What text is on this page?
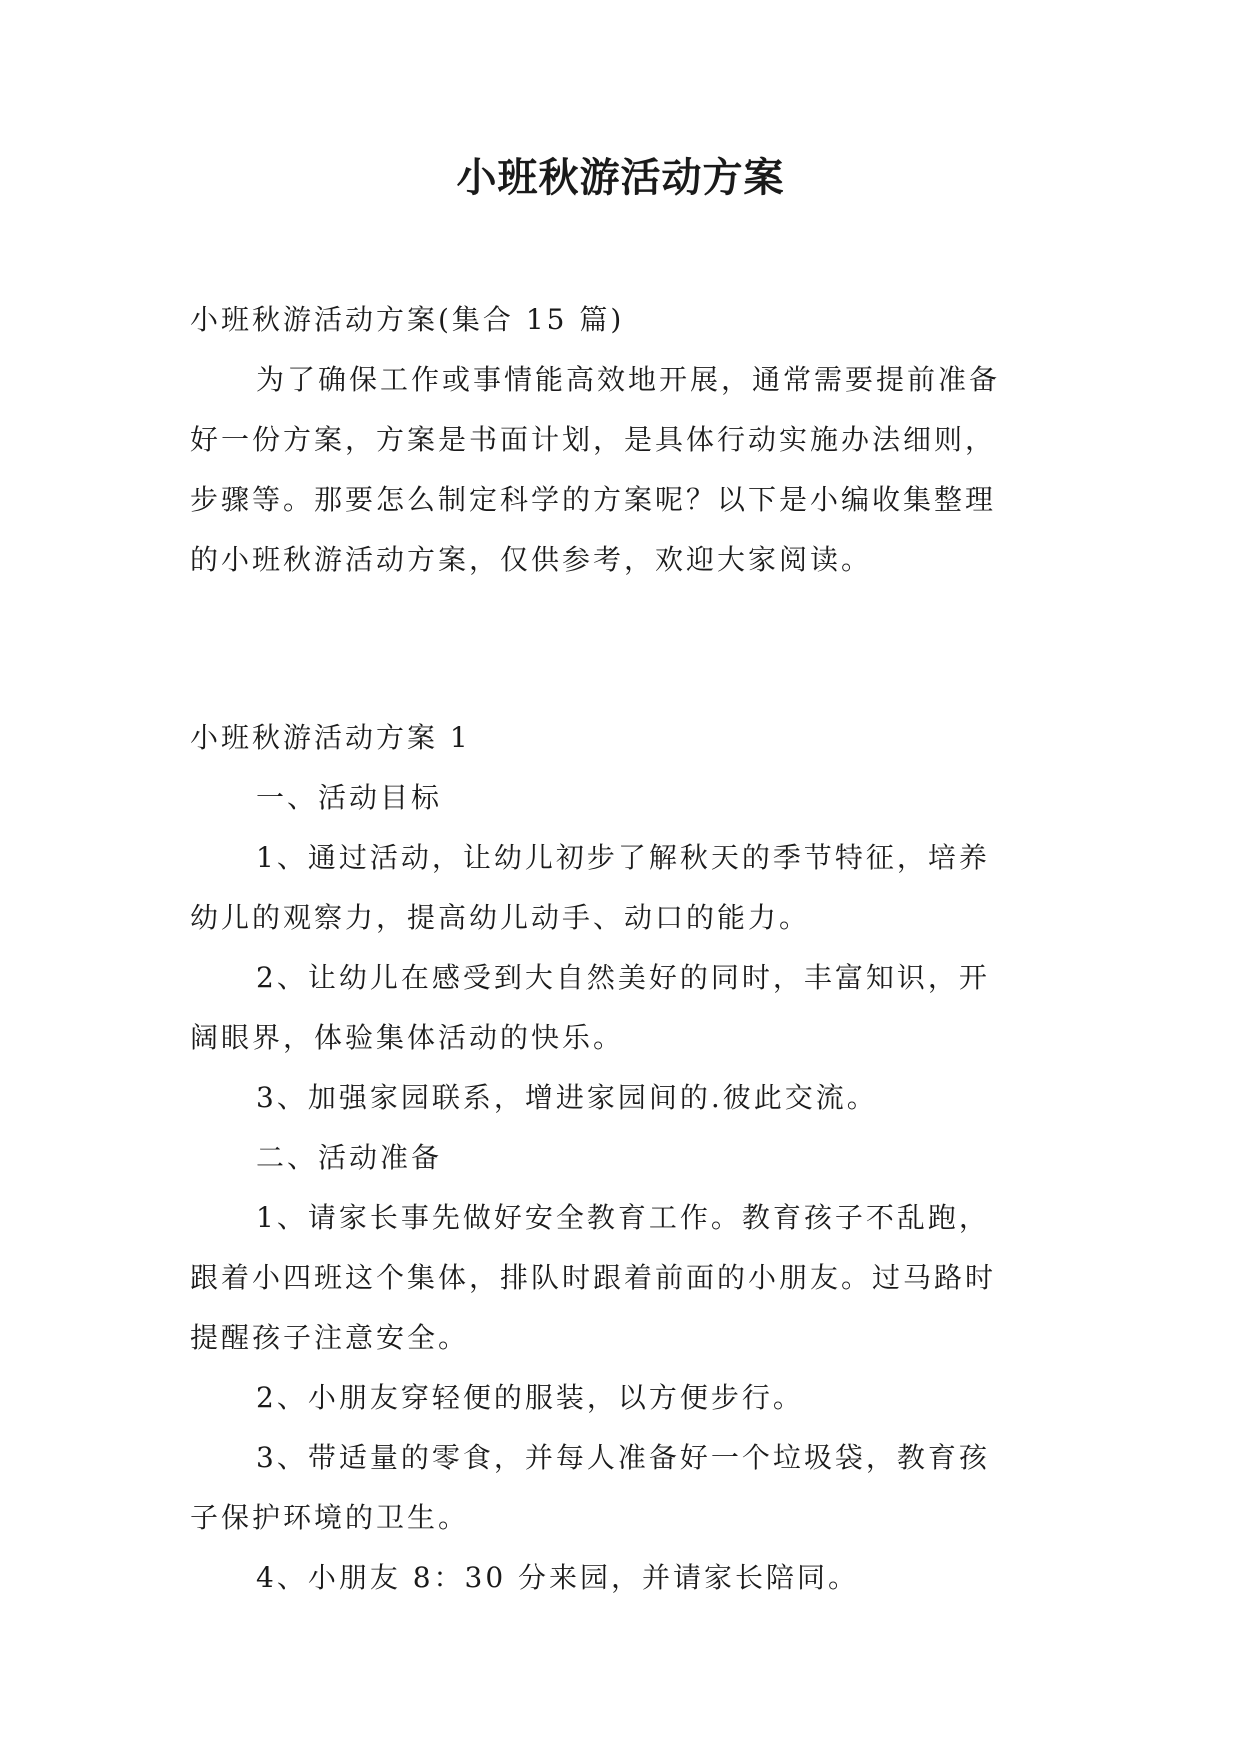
小班秋游活动方案
小班秋游活动方案(集合 15 篇)
为了确保工作或事情能高效地开展，通常需要提前准备
好一份方案，方案是书面计划，是具体行动实施办法细则，
步骤等。那要怎么制定科学的方案呢？以下是小编收集整理
的小班秋游活动方案，仅供参考，欢迎大家阅读。
小班秋游活动方案 1
一、活动目标
1、通过活动，让幼儿初步了解秋天的季节特征，培养
幼儿的观察力，提高幼儿动手、动口的能力。
2、让幼儿在感受到大自然美好的同时，丰富知识，开
阔眼界，体验集体活动的快乐。
3、加强家园联系，增进家园间的.彼此交流。
二、活动准备
1、请家长事先做好安全教育工作。教育孩子不乱跑，
跟着小四班这个集体，排队时跟着前面的小朋友。过马路时
提醒孩子注意安全。
2、小朋友穿轻便的服装，以方便步行。
3、带适量的零食，并每人准备好一个垃圾袋，教育孩
子保护环境的卫生。
4、小朋友 8：30 分来园，并请家长陪同。
